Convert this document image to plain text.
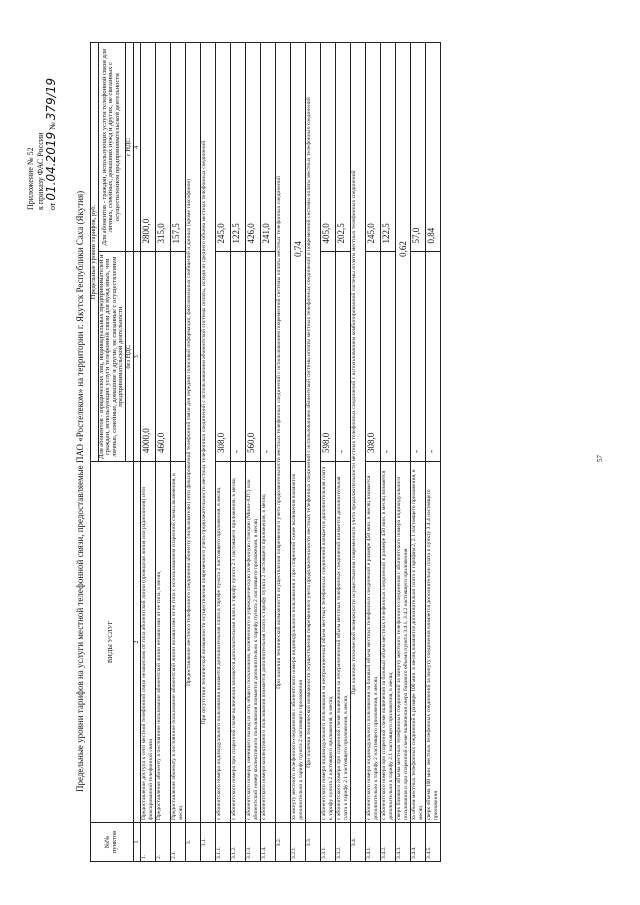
Приложение № 52 к приказу ФАС России от 01.04.2019 № 379/19
Предельные уровни тарифов на услуги местной телефонной связи, предоставляемые ПАО «Ростелеком» на территории г. Якутск Республики Саха (Якутия)
№№ пунктов	ВИДЫ УСЛУГ	Предельные уровни тарифов, руб.	
		Для абонентов - юридических лиц, индивидуальных предпринимателей и граждан, использующих услуги телефонной связи для нужд иных, чем личные, семейные, домашние и другие, не связанные с осуществлением предпринимательской деятельности	Для абонентов - граждан, использующих услуги телефонной связи для личных, семейных, домашних нужд и других, не связанных с осуществлением предпринимательской деятельности
		без НДС	с НДС
1	2	3	4
1.	Предоставление доступа к сети местной телефонной связи независимо от типа абонентской линии (проводная линия или радиолиния) сети фиксированной телефонной связи	4000,0	2800,0
2.	Предоставление абоненту в постоянное пользование абонентской линии независимо от ее типа, в месяц	460,0	315,0
2.1.	Предоставление абоненту в постоянное пользование абонентской линии независимо от ее типа с использованием спаренной схемы включения, в месяц		157,5
3.	Предоставление местного телефонного соединения абоненту (пользователю) сети фиксированной телефонной связи для передачи голосовой информации, факсимильных сообщений и данных (кроме таксофонов)		
3.1.	При отсутствии технической возможности осуществления повременного учета продолжительности местных телефонных соединений с использованием абонентской системы оплаты, исходя из среднего объема местных телефонных соединений		
3.1.1.	с абонентского номера индивидуального пользования взимается дополнительная плата в тарифе пункта 2 настоящего приложения, в месяц	308,0	245,0
3.1.2.	с абонентского номера при спаренной схеме включения взимается дополнительная плата к тарифу пункта 2.1 настоящего приложения, в месяц	-	122,5
3.1.3.	с абонентского номера, имеющего выход на сеть общего пользования, включенного в учрежденческую телефонную станцию (Мини-АТС) или абонентский номер коллективного пользования взимается дополнительно к тарифу пункта 2 настоящего приложения, в месяц	560,0	426,0
3.1.4.	с абонентского номера коллективного пользования взимается дополнительная плата к тарифу пункта 2 настоящего приложения, в месяц	-	241,0
3.2.	При наличии технической возможности осуществления повременного учета продолжительности местных телефонных соединений с использованием повременной системы оплаты местных телефонных соединений		
3.2.1.	за минуту местного телефонного соединения с абонентского номера индивидуального пользования и при спаренной схеме включения взимается дополнительно к тарифу пункта 2 настоящего приложения	0,74	
3.3.	При наличии технической возможности осуществления повременного учета продолжительности местных телефонных соединений с использованием абонентской системы оплаты местных телефонных соединений и повременной системы оплаты местных телефонных соединений		
3.3.1.	с абонентского номера индивидуального пользования за неограниченный объем местных телефонных соединений взимается дополнительная плата к тарифу пункта 2 настоящего приложения, в месяц	598,0	405,0
3.3.2.	с абонентского номера при спаренной схеме включения за неограниченный объем местных телефонных соединений взимается дополнительная плата к тарифу 2.1 настоящего приложения, в месяц	-	202,5
3.4.	При наличии технической возможности осуществления повременного учета продолжительности местных телефонных соединений с использованием комбинированной системы оплаты местных телефонных соединений		
3.4.1.	с абонентского номера индивидуального пользования за базовый объем местных телефонных соединений в размере 450 мин. в месяц взимается дополнительно к тарифу 2 настоящего приложения, в месяц	308,0	245,0
3.4.2.	с абонентского номера при спаренной схеме включения за базовый объем местных телефонных соединений в размере 450 мин. в месяц взимается дополнительно к тарифу 2.1 настоящего приложения, в месяц	-	122,5
3.4.3.	сверх базового объема местных телефонных соединений за минуту местного телефонного соединения с абонентского номера индивидуального пользования и при спаренной схеме включения сверх базового объема пункта 3.4.1, 3.4.2 настоящего приложения	0,62	
3.4.4.	за объем местных телефонных соединений в размере 100 мин. в месяц взимается дополнительно плата к тарифам 2, 2.1 настоящего приложения, в месяц	-	57,0
3.4.5.	сверх объема 100 мин. местных телефонных соединений за минуту соединения взимается дополнительно плата к пункту 3.4.4 настоящего приложения	-	0,84
57
